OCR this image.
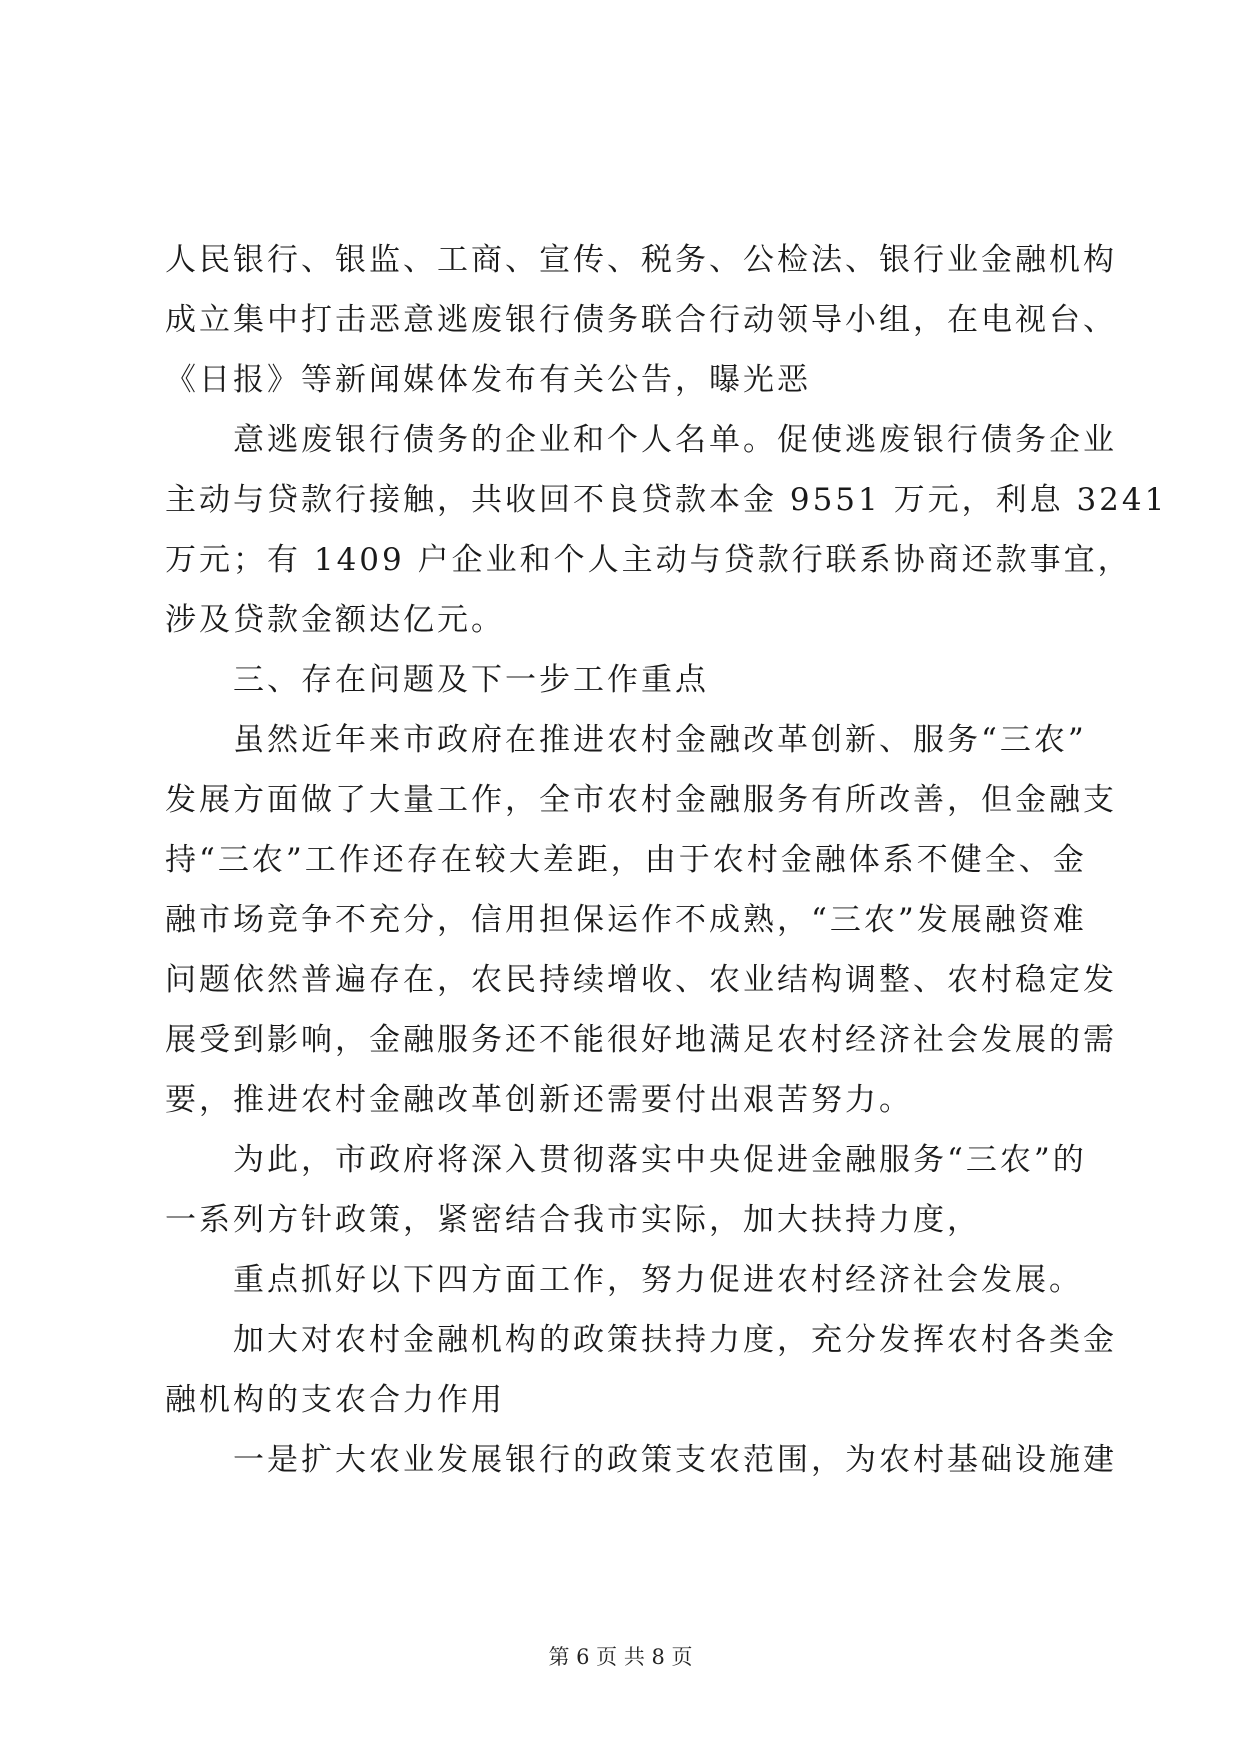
人民银行、银监、工商、宣传、税务、公检法、银行业金融机构
成立集中打击恶意逃废银行债务联合行动领导小组，在电视台、
《日报》等新闻媒体发布有关公告，曝光恶
意逃废银行债务的企业和个人名单。促使逃废银行债务企业
主动与贷款行接触，共收回不良贷款本金 9551 万元，利息 3241
万元；有 1409 户企业和个人主动与贷款行联系协商还款事宜，
涉及贷款金额达亿元。
三、存在问题及下一步工作重点
虽然近年来市政府在推进农村金融改革创新、服务“三农”
发展方面做了大量工作，全市农村金融服务有所改善，但金融支
持“三农”工作还存在较大差距，由于农村金融体系不健全、金
融市场竞争不充分，信用担保运作不成熟，“三农”发展融资难
问题依然普遍存在，农民持续增收、农业结构调整、农村稳定发
展受到影响，金融服务还不能很好地满足农村经济社会发展的需
要，推进农村金融改革创新还需要付出艰苦努力。
为此，市政府将深入贯彻落实中央促进金融服务“三农”的
一系列方针政策，紧密结合我市实际，加大扶持力度，
重点抓好以下四方面工作，努力促进农村经济社会发展。
加大对农村金融机构的政策扶持力度，充分发挥农村各类金
融机构的支农合力作用
一是扩大农业发展银行的政策支农范围，为农村基础设施建
第 6 页 共 8 页
